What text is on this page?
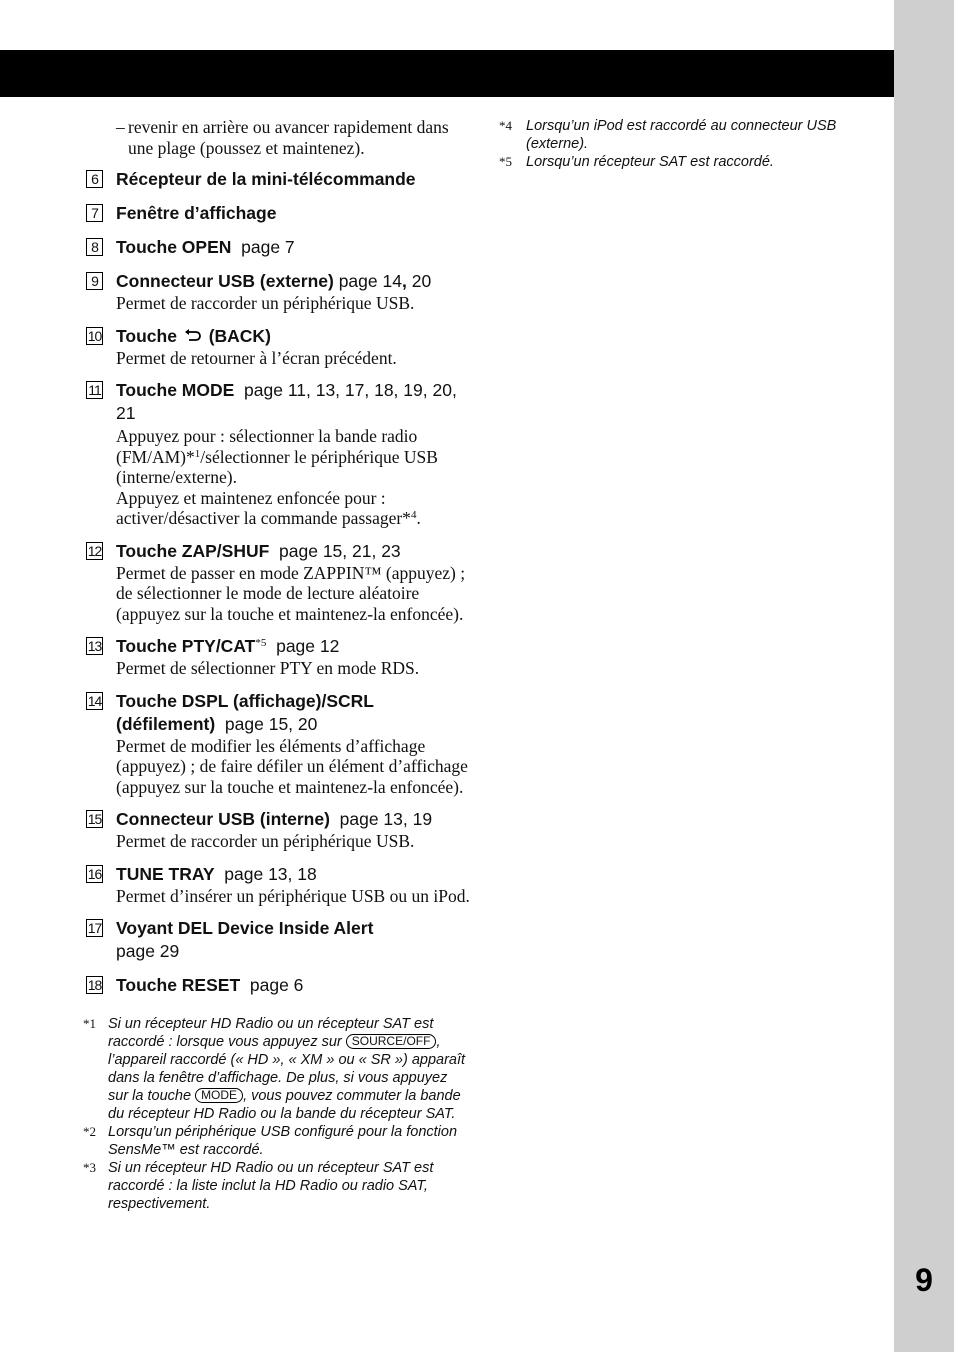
9
– revenir en arrière ou avancer rapidement dans une plage (poussez et maintenez).
6 Récepteur de la mini-télécommande
7 Fenêtre d’affichage
8 Touche OPEN page 7
9 Connecteur USB (externe) page 14, 20

Permet de raccorder un périphérique USB.

10 Touche (BACK)

Permet de retourner à l’écran précédent.

11 Touche MODE page 11, 13, 17, 18, 19, 20, 21

Appuyez pour : sélectionner la bande radio (FM/AM)*$^1$/sélectionner le périphérique USB (interne/externe).

Appuyez et maintenez enfoncée pour : activer/désactiver la commande passager*$^4$.

12 Touche ZAP/SHUF page 15, 21, 23

Permet de passer en mode ZAPPIN™ (appuyez) ; de sélectionner le mode de lecture aléatoire (appuyez sur la touche et maintenez-la enfoncée).

13 Touche PTY/CAT$^{*5}$ page 12

Permet de sélectionner PTY en mode RDS.

14 Touche DSPL (affichage)/SCRL (défilement) page 15, 20

Permet de modifier les éléments d’affichage (appuyez) ; de faire défiler un élément d’affichage (appuyez sur la touche et maintenez-la enfoncée).

15 Connecteur USB (interne) page 13, 19

Permet de raccorder un périphérique USB.

16 TUNE TRAY page 13, 18

Permet d’insérer un périphérique USB ou un iPod.

17 Voyant DEL Device Inside Alert
page 29
18 Touche RESET page 6
*1 Si un récepteur HD Radio ou un récepteur SAT est raccordé : lorsque vous appuyez sur SOURCE/OFF , l’appareil raccordé (« HD », « XM » ou « SR ») apparaît dans la fenêtre d’affichage. De plus, si vous appuyez sur la touche MODE , vous pouvez commuter la bande du récepteur HD Radio ou la bande du récepteur SAT.
*2 Lorsqu’un périphérique USB configuré pour la fonction SensMe™ est raccordé.
*3 Si un récepteur HD Radio ou un récepteur SAT est raccordé : la liste inclut la HD Radio ou radio SAT, respectivement.
*4 Lorsqu’un iPod est raccordé au connecteur USB (externe).
*5 Lorsqu’un récepteur SAT est raccordé.
